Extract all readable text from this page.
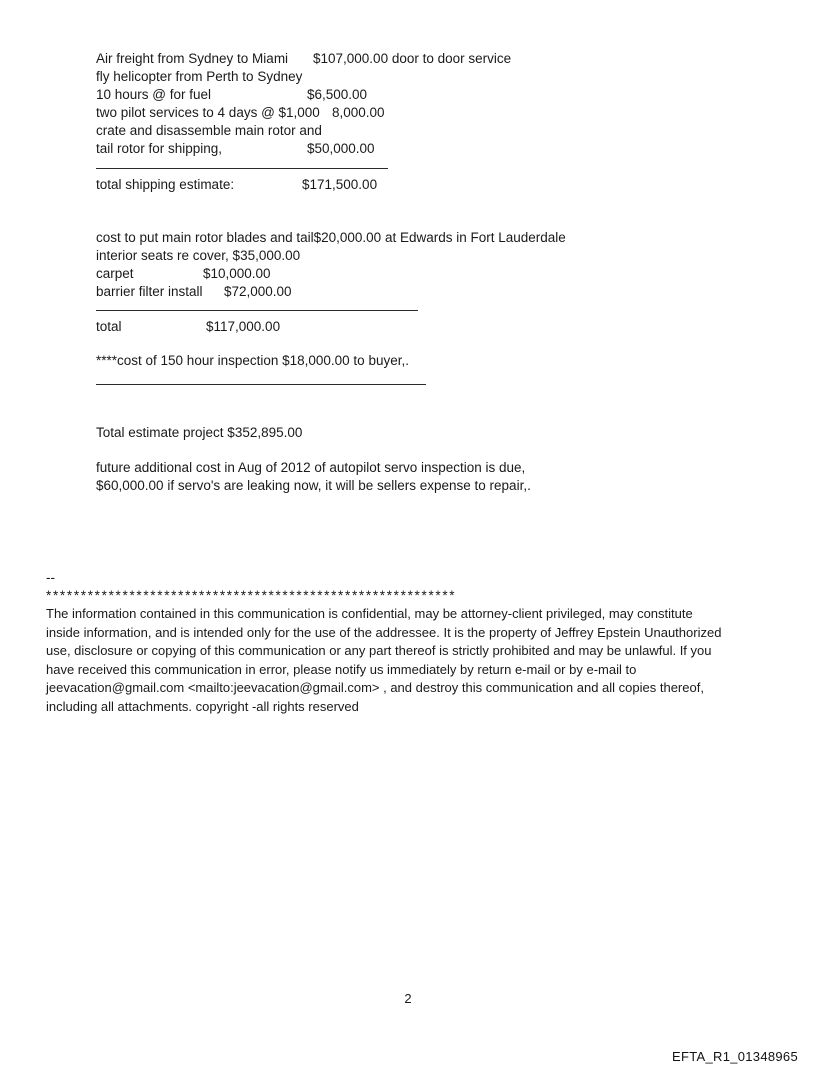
Air freight from Sydney to Miami	$107,000.00 door to door service
fly helicopter from Perth to Sydney
10 hours @ for fuel	$6,500.00
two pilot services to 4 days @ $1,000 8,000.00
crate and disassemble main rotor and
tail rotor for shipping,	$50,000.00
total shipping estimate:	$171,500.00
cost to put main rotor blades and tail $20,000.00 at Edwards in Fort Lauderdale
interior seats re cover, $35,000.00
carpet	$10,000.00
barrier filter install	$72,000.00
total	$117,000.00
****cost of 150 hour inspection $18,000.00 to buyer,.
Total estimate project $352,895.00
future additional cost in Aug of 2012 of autopilot servo inspection is due,
$60,000.00 if servo's are leaking now, it will be sellers expense to repair,.
--
***********************************************************
The information contained in this communication is confidential, may be attorney-client privileged, may constitute
inside information, and is intended only for the use of the addressee. It is the property of Jeffrey Epstein Unauthorized
use, disclosure or copying of this communication or any part thereof is strictly prohibited and may be unlawful. If you
have received this communication in error, please notify us immediately by return e-mail or by e-mail to
jeevacation@gmail.com <mailto:jeevacation@gmail.com> , and destroy this communication and all copies thereof,
including all attachments. copyright -all rights reserved
2
EFTA_R1_01348965
